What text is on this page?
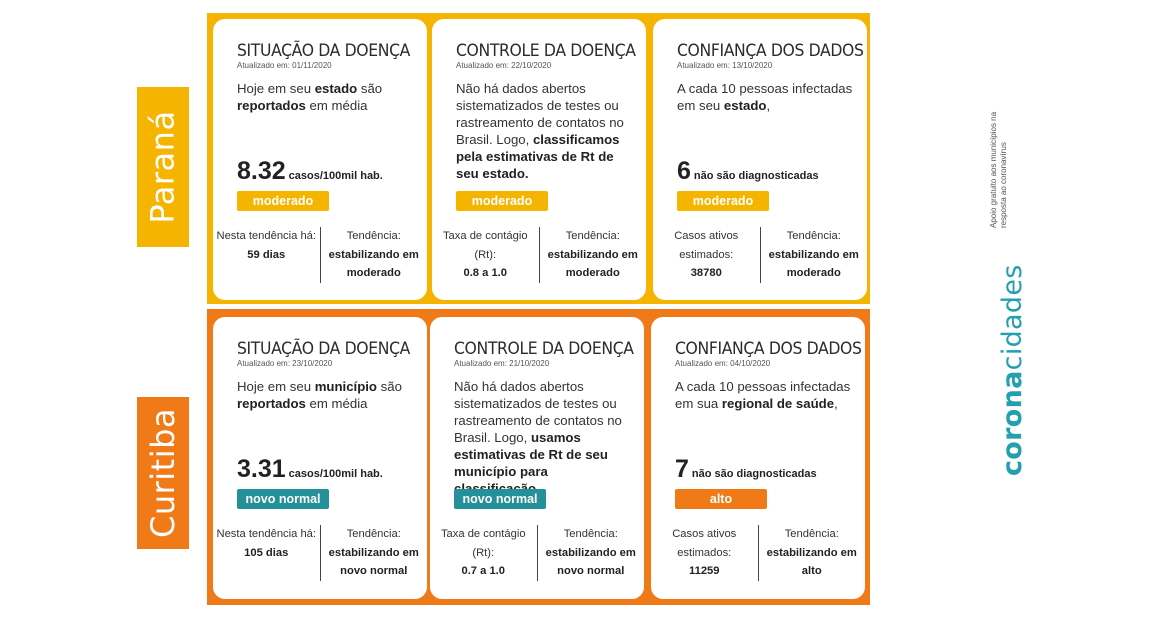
Paraná
Curitiba
SITUAÇÃO DA DOENÇA
Atualizado em: 01/11/2020
Hoje em seu estado são reportados em média
8.32 casos/100mil hab.
moderado
Nesta tendência há:
59 dias
Tendência:
estabilizando em
moderado
CONTROLE DA DOENÇA
Atualizado em: 22/10/2020
Não há dados abertos sistematizados de testes ou rastreamento de contatos no Brasil. Logo, classificamos pela estimativas de Rt de seu estado.
moderado
Taxa de contágio
(Rt):
0.8 a 1.0
Tendência:
estabilizando em
moderado
CONFIANÇA DOS DADOS
Atualizado em: 13/10/2020
A cada 10 pessoas infectadas em seu estado,
6 não são diagnosticadas
moderado
Casos ativos
estimados:
38780
Tendência:
estabilizando em
moderado
SITUAÇÃO DA DOENÇA
Atualizado em: 23/10/2020
Hoje em seu município são reportados em média
3.31 casos/100mil hab.
novo normal
Nesta tendência há:
105 dias
Tendência:
estabilizando em
novo normal
CONTROLE DA DOENÇA
Atualizado em: 21/10/2020
Não há dados abertos sistematizados de testes ou rastreamento de contatos no Brasil. Logo, usamos estimativas de Rt de seu município para
novo normal
Taxa de contágio
(Rt):
0.7 a 1.0
Tendência:
estabilizando em
novo normal
CONFIANÇA DOS DADOS
Atualizado em: 04/10/2020
A cada 10 pessoas infectadas em sua regional de saúde,
7 não são diagnosticadas
alto
Casos ativos
estimados:
11259
Tendência:
estabilizando em
alto
Apoio gratuito aos municípios na resposta ao coronavírus
coronacidades
